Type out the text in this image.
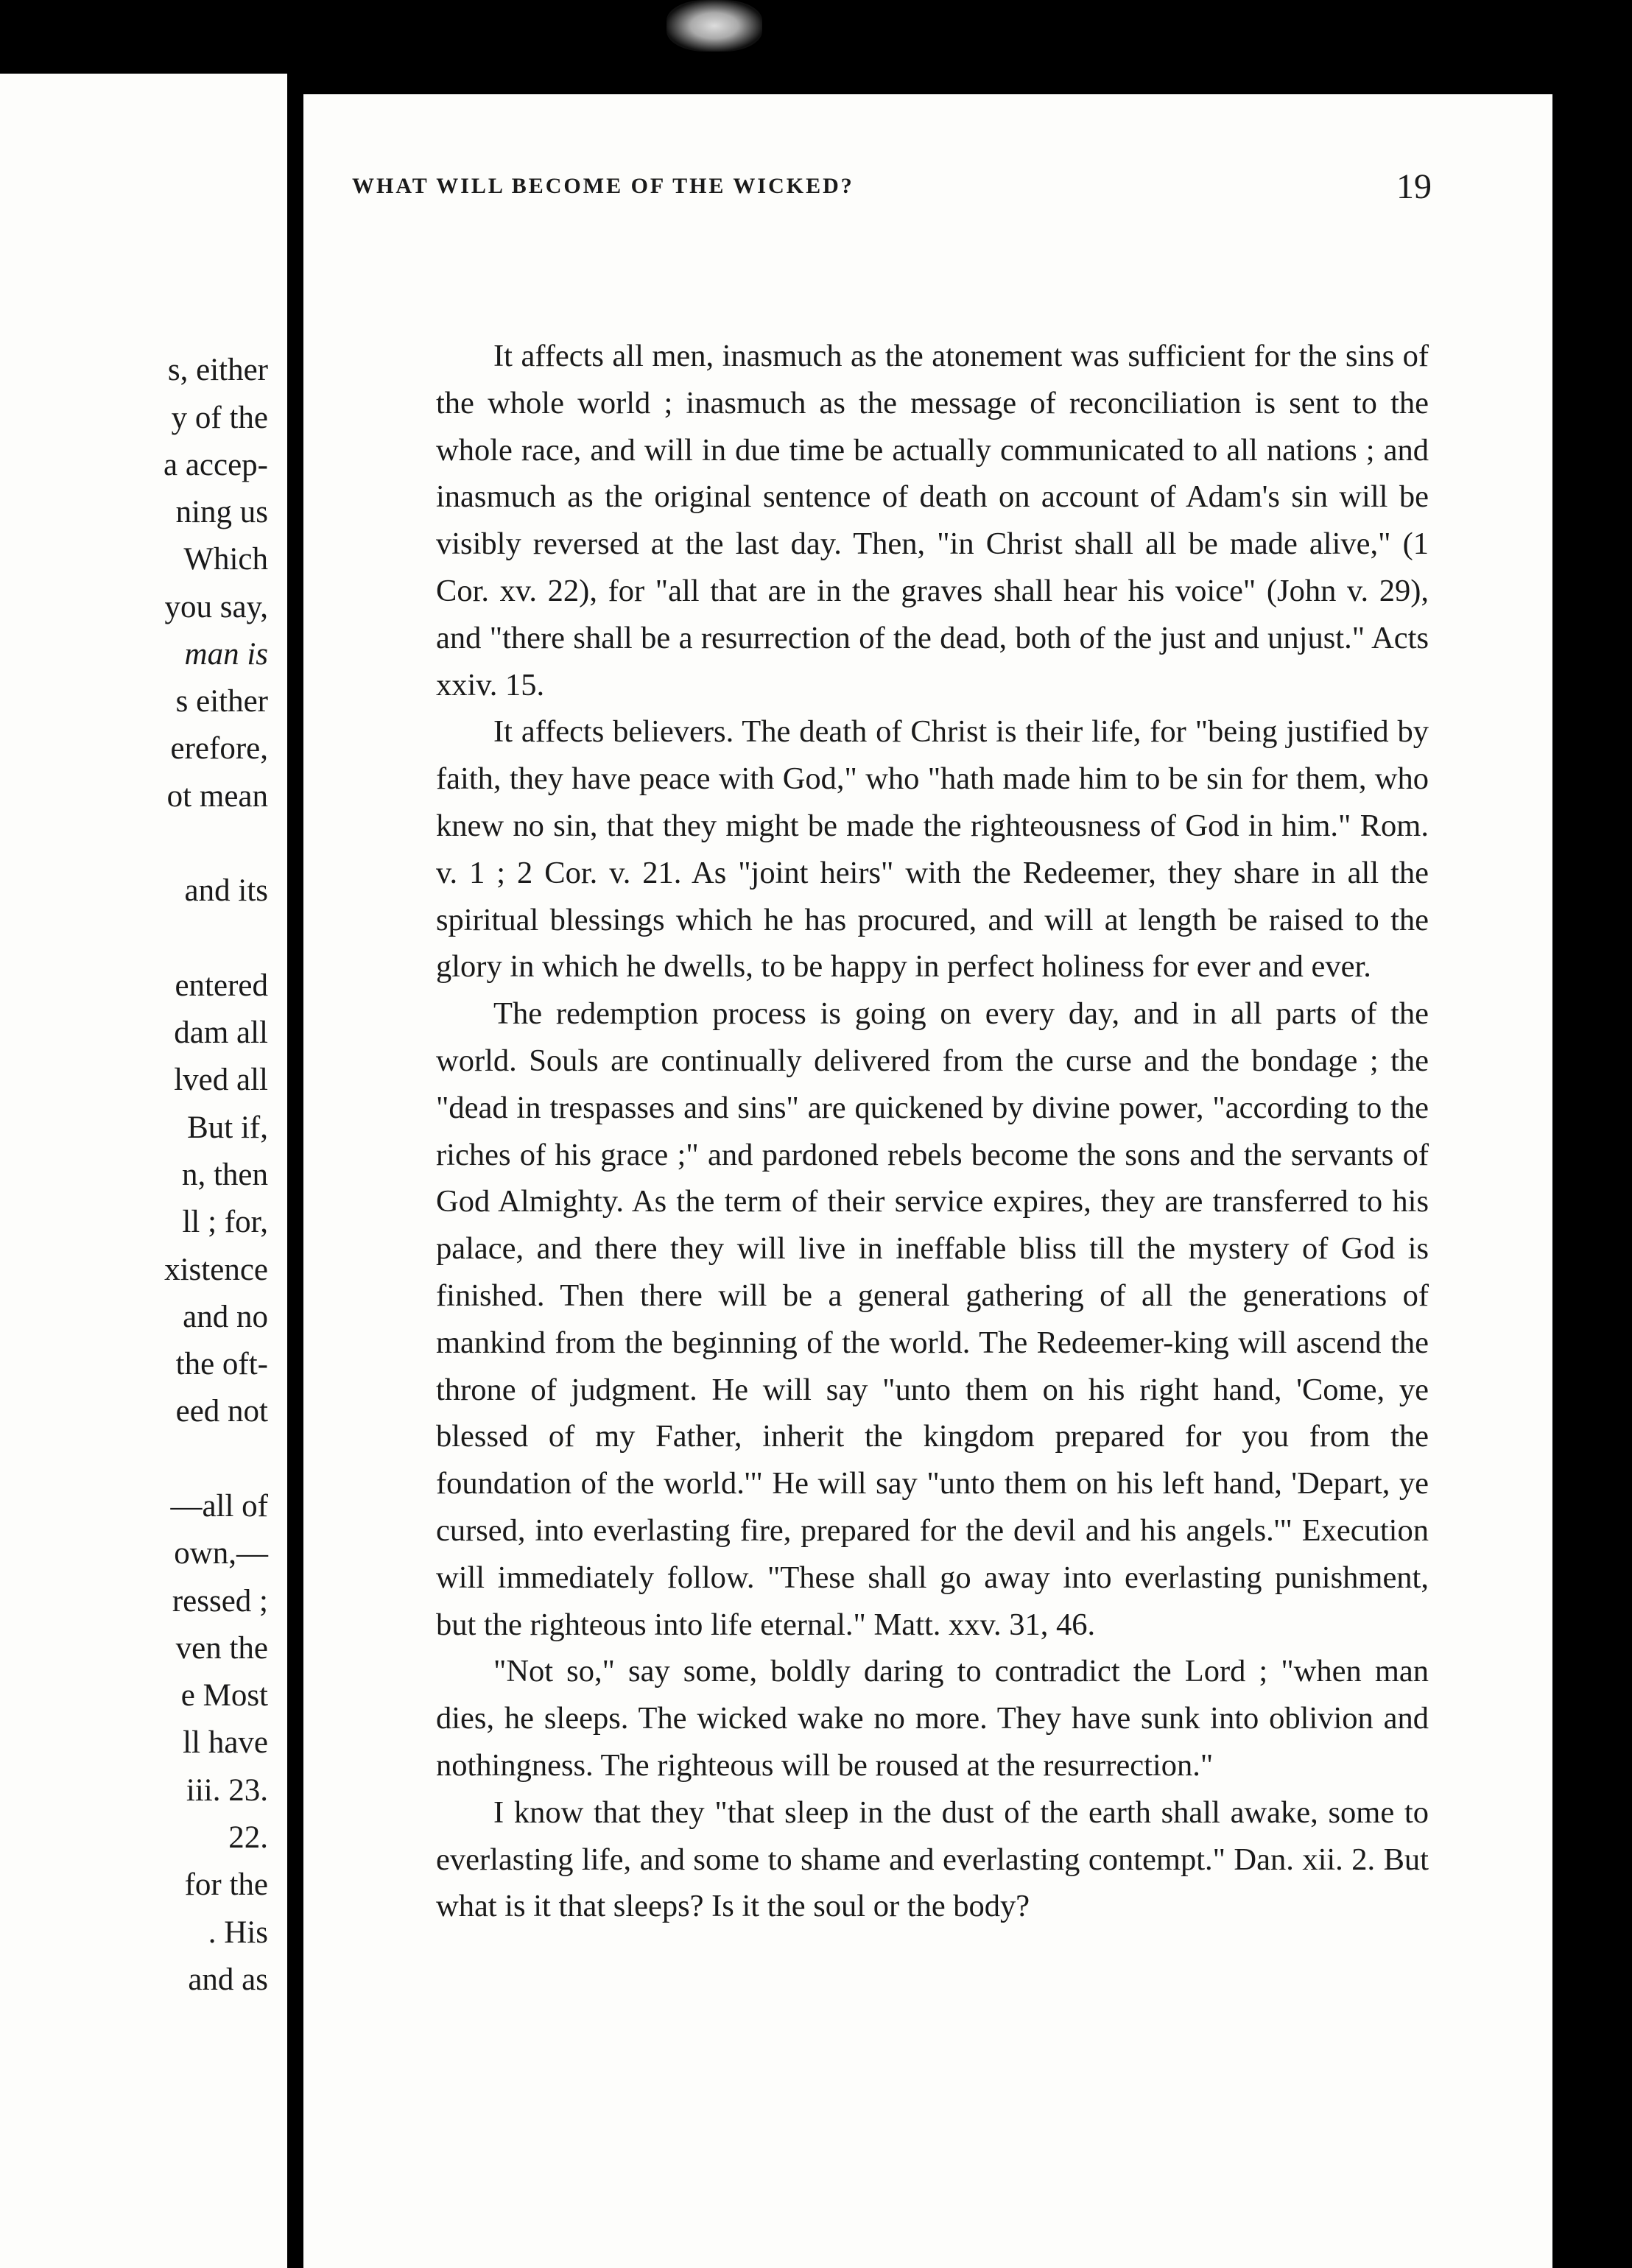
s, either
y of the
a accep-
ning us
Which
you say,
man is
s either
erefore,
ot mean
and its
entered
dam all
lved all
But if,
n, then
ll ; for,
xistence
and no
the oft-
eed not
—all of
own,—
ressed ;
ven the
e Most
ll have
iii. 23.
22.
for the
. His
and as
WHAT WILL BECOME OF THE WICKED?	19

It affects all men, inasmuch as the atonement was sufficient for the sins of the whole world ; inasmuch as the message of reconciliation is sent to the whole race, and will in due time be actually communicated to all nations ; and inasmuch as the original sentence of death on account of Adam's sin will be visibly reversed at the last day. Then, "in Christ shall all be made alive," (1 Cor. xv. 22), for "all that are in the graves shall hear his voice" (John v. 29), and "there shall be a resurrection of the dead, both of the just and unjust." Acts xxiv. 15.

It affects believers. The death of Christ is their life, for "being justified by faith, they have peace with God," who "hath made him to be sin for them, who knew no sin, that they might be made the righteousness of God in him." Rom. v. 1 ; 2 Cor. v. 21. As "joint heirs" with the Redeemer, they share in all the spiritual blessings which he has procured, and will at length be raised to the glory in which he dwells, to be happy in perfect holiness for ever and ever.

The redemption process is going on every day, and in all parts of the world. Souls are continually delivered from the curse and the bondage ; the "dead in trespasses and sins" are quickened by divine power, "according to the riches of his grace ;" and pardoned rebels become the sons and the servants of God Almighty. As the term of their service expires, they are transferred to his palace, and there they will live in ineffable bliss till the mystery of God is finished. Then there will be a general gathering of all the generations of mankind from the beginning of the world. The Redeemer-king will ascend the throne of judgment. He will say "unto them on his right hand, 'Come, ye blessed of my Father, inherit the kingdom prepared for you from the foundation of the world.'" He will say "unto them on his left hand, 'Depart, ye cursed, into everlasting fire, prepared for the devil and his angels.'" Execution will immediately follow. "These shall go away into everlasting punishment, but the righteous into life eternal." Matt. xxv. 31, 46.

"Not so," say some, boldly daring to contradict the Lord ; "when man dies, he sleeps. The wicked wake no more. They have sunk into oblivion and nothingness. The righteous will be roused at the resurrection."

I know that they "that sleep in the dust of the earth shall awake, some to everlasting life, and some to shame and everlasting contempt." Dan. xii. 2. But what is it that sleeps? Is it the soul or the body?
